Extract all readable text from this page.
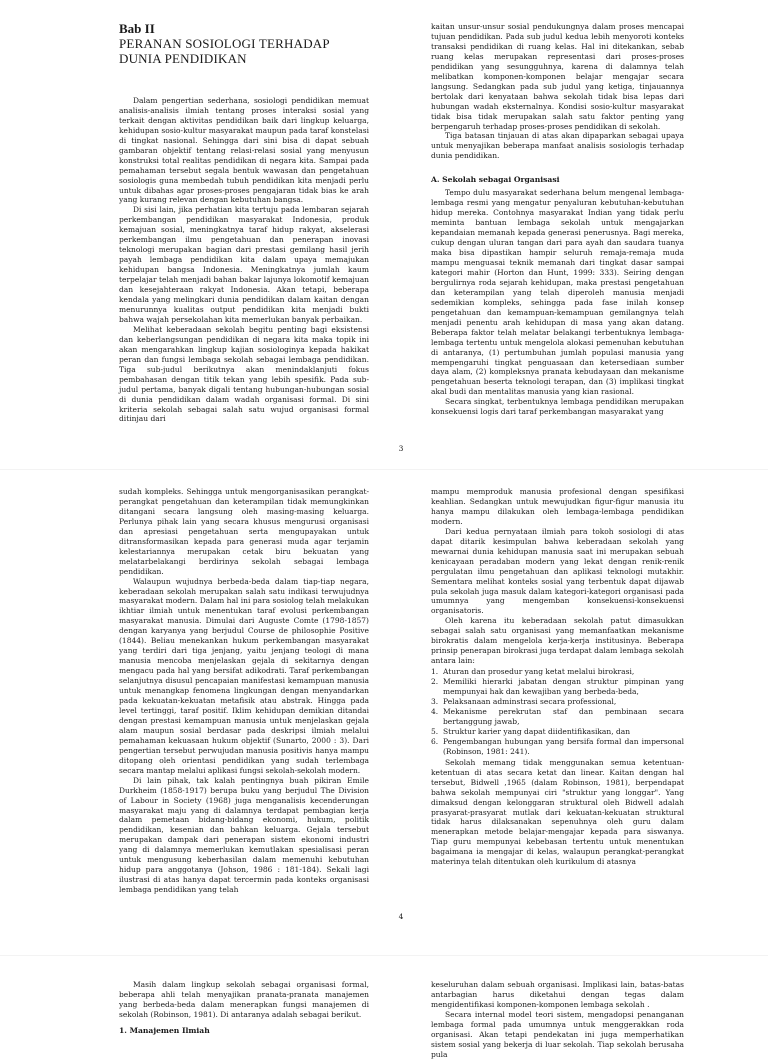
Bab II
PERANAN SOSIOLOGI TERHADAP
DUNIA PENDIDIKAN

Dalam pengertian sederhana, sosiologi pendidikan memuat analisis-analisis ilmiah tentang proses interaksi sosial yang terkait dengan aktivitas pendidikan baik dari lingkup keluarga, kehidupan sosio-kultur masyarakat maupun pada taraf konstelasi di tingkat nasional. Sehingga dari sini bisa di dapat sebuah gambaran objektif tentang relasi-relasi sosial yang menyusun konstruksi total realitas pendidikan di negara kita. Sampai pada pemahaman tersebut segala bentuk wawasan dan pengetahuan sosiologis guna membedah tubuh pendidikan kita menjadi perlu untuk dibahas agar proses-proses pengajaran tidak bias ke arah yang kurang relevan dengan kebutuhan bangsa.

Di sisi lain, jika perhatian kita tertuju pada lembaran sejarah perkembangan pendidikan masyarakat Indonesia, produk kemajuan sosial, meningkatnya taraf hidup rakyat, akselerasi perkembangan ilmu pengetahuan dan penerapan inovasi teknologi merupakan bagian dari prestasi gemilang hasil jerih payah lembaga pendidikan kita dalam upaya memajukan kehidupan bangsa Indonesia. Meningkatnya jumlah kaum terpelajar telah menjadi bahan bakar lajunya lokomotif kemajuan dan kesejahteraan rakyat Indonesia. Akan tetapi, beberapa kendala yang melingkari dunia pendidikan dalam kaitan dengan menurunnya kualitas output pendidikan kita menjadi bukti bahwa wajah persekolahan kita memerlukan banyak perbaikan.

Melihat keberadaan sekolah begitu penting bagi eksistensi dan keberlangsungan pendidikan di negara kita maka topik ini akan mengarahkan lingkup kajian sosiologinya kepada hakikat peran dan fungsi lembaga sekolah sebagai lembaga pendidikan. Tiga sub-judul berikutnya akan menindaklanjuti fokus pembahasan dengan titik tekan yang lebih spesifik. Pada sub-judul pertama, banyak digali tentang hubungan-hubungan sosial di dunia pendidikan dalam wadah organisasi formal. Di sini kriteria sekolah sebagai salah satu wujud organisasi formal ditinjau dari

kaitan unsur-unsur sosial pendukungnya dalam proses mencapai tujuan pendidikan. Pada sub judul kedua lebih menyoroti konteks transaksi pendidikan di ruang kelas. Hal ini ditekankan, sebab ruang kelas merupakan representasi dari proses-proses pendidikan yang sesungguhnya, karena di dalamnya telah melibatkan komponen-komponen belajar mengajar secara langsung. Sedangkan pada sub judul yang ketiga, tinjauannya bertolak dari kenyataan bahwa sekolah tidak bisa lepas dari hubungan wadah eksternalnya. Kondisi sosio-kultur masyarakat tidak bisa tidak merupakan salah satu faktor penting yang berpengaruh terhadap proses-proses pendidikan di sekolah.

Tiga batasan tinjauan di atas akan dipaparkan sebagai upaya untuk menyajikan beberapa manfaat analisis sosiologis terhadap dunia pendidikan.

A. Sekolah sebagai Organisasi

Tempo dulu masyarakat sederhana belum mengenal lembaga-lembaga resmi yang mengatur penyaluran kebutuhan-kebutuhan hidup mereka. Contohnya masyarakat Indian yang tidak perlu meminta bantuan lembaga sekolah untuk mengajarkan kepandaian memanah kepada generasi penerusnya. Bagi mereka, cukup dengan uluran tangan dari para ayah dan saudara tuanya maka bisa dipastikan hampir seluruh remaja-remaja muda mampu menguasai teknik memanah dari tingkat dasar sampai kategori mahir (Horton dan Hunt, 1999: 333). Seiring dengan bergulirnya roda sejarah kehidupan, maka prestasi pengetahuan dan keterampilan yang telah diperoleh manusia menjadi sedemikian kompleks, sehingga pada fase inilah konsep pengetahuan dan kemampuan-kemampuan gemilangnya telah menjadi penentu arah kehidupan di masa yang akan datang. Beberapa faktor telah melatar belakangi terbentuknya lembaga-lembaga tertentu untuk mengelola alokasi pemenuhan kebutuhan di antaranya, (1) pertumbuhan jumlah populasi manusia yang mempengaruhi tingkat penguasaan dan ketersediaan sumber daya alam, (2) kompleksnya pranata kebudayaan dan mekanisme pengetahuan beserta teknologi terapan, dan (3) implikasi tingkat akal budi dan mentalitas manusia yang kian rasional.

Secara singkat, terbentuknya lembaga pendidikan merupakan konsekuensi logis dari taraf perkembangan masyarakat yang

3

sudah kompleks. Sehingga untuk mengorganisasikan perangkat-perangkat pengetahuan dan keterampilan tidak memungkinkan ditangani secara langsung oleh masing-masing keluarga. Perlunya pihak lain yang secara khusus mengurusi organisasi dan apresiasi pengetahuan serta mengupayakan untuk ditransformasikan kepada para generasi muda agar terjamin kelestariannya merupakan cetak biru bekuatan yang melatarbelakangi berdirinya sekolah sebagai lembaga pendidikan.

Walaupun wujudnya berbeda-beda dalam tiap-tiap negara, keberadaan sekolah merupakan salah satu indikasi terwujudnya masyarakat modern. Dalam hal ini para sosiolog telah melakukan ikhtiar ilmiah untuk menentukan taraf evolusi perkembangan masyarakat manusia. Dimulai dari Auguste Comte (1798-1857) dengan karyanya yang berjudul Course de philosophie Positive (1844). Beliau menekankan hukum perkembangan masyarakat yang terdiri dari tiga jenjang, yaitu jenjang teologi di mana manusia mencoba menjelaskan gejala di sekitarnya dengan mengacu pada hal yang bersifat adikodrati. Taraf perkembangan selanjutnya disusul pencapaian manifestasi kemampuan manusia untuk menangkap fenomena lingkungan dengan menyandarkan pada kekuatan-kekuatan metafisik atau abstrak. Hingga pada level tertinggi, taraf positif. Iklim kehidupan demikian ditandai dengan prestasi kemampuan manusia untuk menjelaskan gejala alam maupun sosial berdasar pada deskripsi ilmiah melalui pemahaman kekuasaan hukum objektif (Sunarto, 2000 : 3). Dari pengertian tersebut perwujudan manusia positivis hanya mampu ditopang oleh orientasi pendidikan yang sudah terlembaga secara mantap melalui aplikasi fungsi sekolah-sekolah modern.

Di lain pihak, tak kalah pentingnya buah pikiran Emile Durkheim (1858-1917) berupa buku yang berjudul The Division of Labour in Society (1968) juga menganalisis kecenderungan masyarakat maju yang di dalamnya terdapat pembagian kerja dalam pemetaan bidang-bidang ekonomi, hukum, politik pendidikan, kesenian dan bahkan keluarga. Gejala tersebut merupakan dampak dari penerapan sistem ekonomi industri yang di dalamnya memerlukan kemutlakan spesialisasi peran untuk mengusung keberhasilan dalam memenuhi kebutuhan hidup para anggotanya (Johson, 1986 : 181-184). Sekali lagi ilustrasi di atas hanya dapat tercermin pada konteks organisasi lembaga pendidikan yang telah

mampu memproduk manusia profesional dengan spesifikasi keahlian. Sedangkan untuk mewujudkan figur-figur manusia itu hanya mampu dilakukan oleh lembaga-lembaga pendidikan modern.

Dari kedua pernyataan ilmiah para tokoh sosiologi di atas dapat ditarik kesimpulan bahwa keberadaan sekolah yang mewarnai dunia kehidupan manusia saat ini merupakan sebuah kenicayaan peradaban modern yang lekat dengan renik-renik pergulatan ilmu pengetahuan dan aplikasi teknologi mutakhir. Sementara melihat konteks sosial yang terbentuk dapat dijawab pula sekolah juga masuk dalam kategori-kategori organisasi pada umumnya yang mengemban konsekuensi-konsekuensi organisatoris.

Oleh karena itu keberadaan sekolah patut dimasukkan sebagai salah satu organisasi yang memanfaatkan mekanisme birokratis dalam mengelola kerja-kerja institusinya. Beberapa prinsip penerapan birokrasi juga terdapat dalam lembaga sekolah antara lain:

1. Aturan dan prosedur yang ketat melalui birokrasi,
2. Memiliki hierarki jabatan dengan struktur pimpinan yang mempunyai hak dan kewajiban yang berbeda-beda,
3. Pelaksanaan adminstrasi secara professional,
4. Mekanisme perekrutan staf dan pembinaan secara bertanggung jawab,
5. Struktur karier yang dapat diidentifikasikan, dan
6. Pengembangan hubungan yang bersifa formal dan impersonal (Robinson, 1981: 241).

Sekolah memang tidak menggunakan semua ketentuan-ketentuan di atas secara ketat dan linear. Kaitan dengan hal tersebut, Bidwell ,1965 (dalam Robinson, 1981), berpendapat bahwa sekolah mempunyai ciri "struktur yang longgar". Yang dimaksud dengan kelonggaran struktural oleh Bidwell adalah prasyarat-prasyarat mutlak dari kekuatan-kekuatan struktural tidak harus dilaksanakan sepenuhnya oleh guru dalam menerapkan metode belajar-mengajar kepada para siswanya. Tiap guru mempunyai kebebasan tertentu untuk menentukan bagaimana ia mengajar di kelas, walaupun perangkat-perangkat materinya telah ditentukan oleh kurikulum di atasnya

4

Masih dalam lingkup sekolah sebagai organisasi formal, beberapa ahli telah menyajikan pranata-pranata manajemen yang berbeda-beda dalam menerapkan fungsi manajemen di sekolah (Robinson, 1981). Di antaranya adalah sebagai berikut.

1. Manajemen Ilmiah

keseluruhan dalam sebuah organisasi. Implikasi lain, batas-batas antarbagian harus diketahui dengan tegas dalam mengidentifikasi komponen-komponen lembaga sekolah .

Secara internal model teori sistem, mengadopsi penanganan lembaga formal pada umumnya untuk menggerakkan roda organisasi. Akan tetapi pendekatan ini juga memperhatikan sistem sosial yang bekerja di luar sekolah. Tiap sekolah berusaha pula
